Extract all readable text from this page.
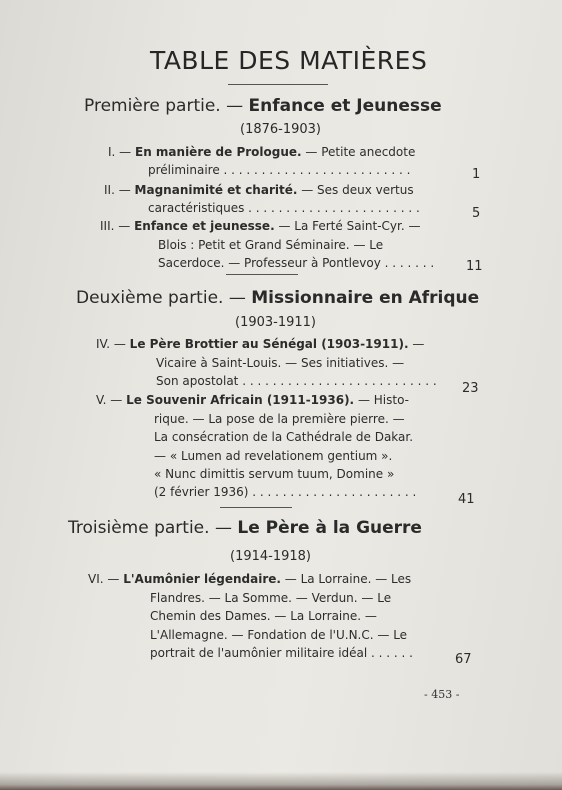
TABLE DES MATIÈRES
Première partie. — Enfance et Jeunesse
(1876-1903)
I. — En manière de Prologue. — Petite anecdote
préliminaire . . . . . . . . . . . . . . . . . . . . . . . . .	1
II. — Magnanimité et charité. — Ses deux vertus
caractéristiques . . . . . . . . . . . . . . . . . . . . . . .	5
III. — Enfance et jeunesse. — La Ferté Saint-Cyr. —
Blois : Petit et Grand Séminaire. — Le
Sacerdoce. — Professeur à Pontlevoy . . . . . . . 11
Deuxième partie. — Missionnaire en Afrique
(1903-1911)
IV. — Le Père Brottier au Sénégal (1903-1911). —
Vicaire à Saint-Louis. — Ses initiatives. —
Son apostolat . . . . . . . . . . . . . . . . . . . . . . . . . . 23
V. — Le Souvenir Africain (1911-1936). — Histo-
rique. — La pose de la première pierre. —
La consécration de la Cathédrale de Dakar.
— « Lumen ad revelationem gentium ».
« Nunc dimittis servum tuum, Domine »
(2 février 1936) . . . . . . . . . . . . . . . . . . . . . .	41
Troisième partie. — Le Père à la Guerre
(1914-1918)
VI. — L'Aumônier légendaire. — La Lorraine. — Les
Flandres. — La Somme. — Verdun. — Le
Chemin des Dames. — La Lorraine. —
L'Allemagne. — Fondation de l'U.N.C. — Le
portrait de l'aumônier militaire idéal . . . . . .	67
- 453 -
